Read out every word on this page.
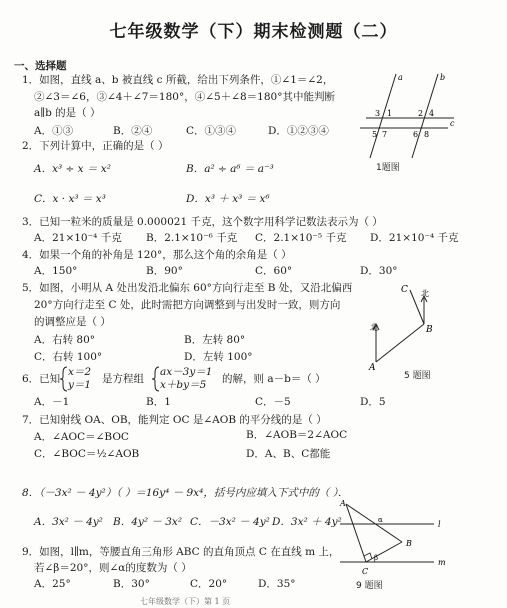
七年级数学（下）期末检测题（二）
一、选择题
1．如图，直线 a、b 被直线 c 所截，给出下列条件，①∠1＝∠2，
②∠3＝∠6，③∠4＋∠7＝180°，④∠5＋∠8＝180°其中能判断
a∥b 的是（ ）
A．①③	B．②④	C．①③④	D．①②③④
a	b
c
1
3
5 7
2 4
6 8
1题图
2．下列计算中，正确的是（ ）
A．x³ ÷ x ＝ x²	B．a² ÷ a⁶ ＝ a⁻³
C．x · x³ ＝ x³	D．x³ ＋ x³ ＝ x⁶
3．已知一粒米的质量是 0.000021 千克，这个数字用科学记数法表示为（ ）
A．21×10⁻⁴ 千克 B．2.1×10⁻⁶ 千克 C．2.1×10⁻⁵ 千克 D．21×10⁻⁴ 千克
4．如果一个角的补角是 120°，那么这个角的余角是（ ）
A．150°	B．90°	C．60°	D．30°
5．如图，小明从 A 处出发沿北偏东 60°方向行走至 B 处，又沿北偏西
20°方向行走至 C 处，此时需把方向调整到与出发时一致，则方向
的调整应是（ ）
A．右转 80°	B．左转 80°
C．右转 100°	D．左转 100°
北
北
A
B
C
5 题图
6．已知
x＝2
y＝1 是方程组
ax－3y＝1
x＋by＝5 的解，则 a－b＝（ ）
A．－1	B．1	C．－5	D．5
7．已知射线 OA、OB，能判定 OC 是∠AOB 的平分线的是（ ）
A．∠AOC＝∠BOC	B．∠AOB＝2∠AOC
C．∠BOC＝½∠AOB	D．A、B、C都能
8．（－3x² － 4y²）（ ）＝16y⁴ － 9x⁴，括号内应填入下式中的（ ）．
A．3x² － 4y² B．4y² － 3x² C．－3x² － 4y² D．3x² ＋ 4y²
A
B
C
l
m
α
β
9 题图
9．如图，l∥m，等腰直角三角形 ABC 的直角顶点 C 在直线 m 上，
若∠β＝20°，则∠α的度数为（ ）
A．25°	B．30°	C．20°	D．35°
七年级数学（下）第 1 页
